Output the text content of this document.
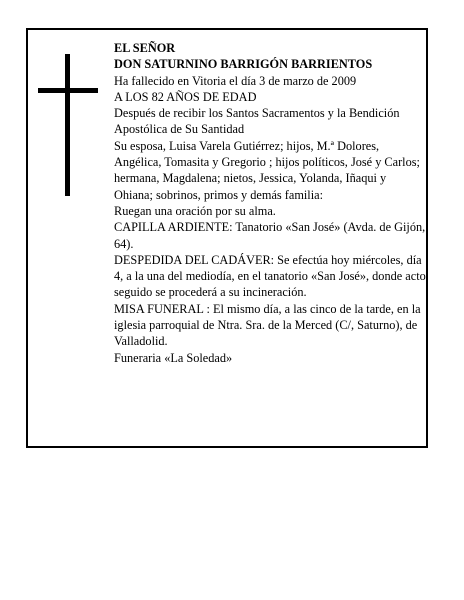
EL SEÑOR

DON SATURNINO BARRIGÓN BARRIENTOS

Ha fallecido en Vitoria el día 3 de marzo de 2009

A LOS 82 AÑOS DE EDAD

Después de recibir los Santos Sacramentos y la Bendición Apostólica de Su Santidad

Su esposa, Luisa Varela Gutiérrez; hijos, M.ª Dolores, Angélica, Tomasita y Gregorio ; hijos políticos, José y Carlos; hermana, Magdalena; nietos, Jessica, Yolanda, Iñaqui y Ohiana; sobrinos, primos y demás familia:

Ruegan una oración por su alma.

CAPILLA ARDIENTE: Tanatorio «San José» (Avda. de Gijón, 64).

DESPEDIDA DEL CADÁVER: Se efectúa hoy miércoles, día 4, a la una del mediodía, en el tanatorio «San José», donde acto seguido se procederá a su incineración.

MISA FUNERAL : El mismo día, a las cinco de la tarde, en la iglesia parroquial de Ntra. Sra. de la Merced (C/, Saturno), de Valladolid.

Funeraria «La Soledad»
